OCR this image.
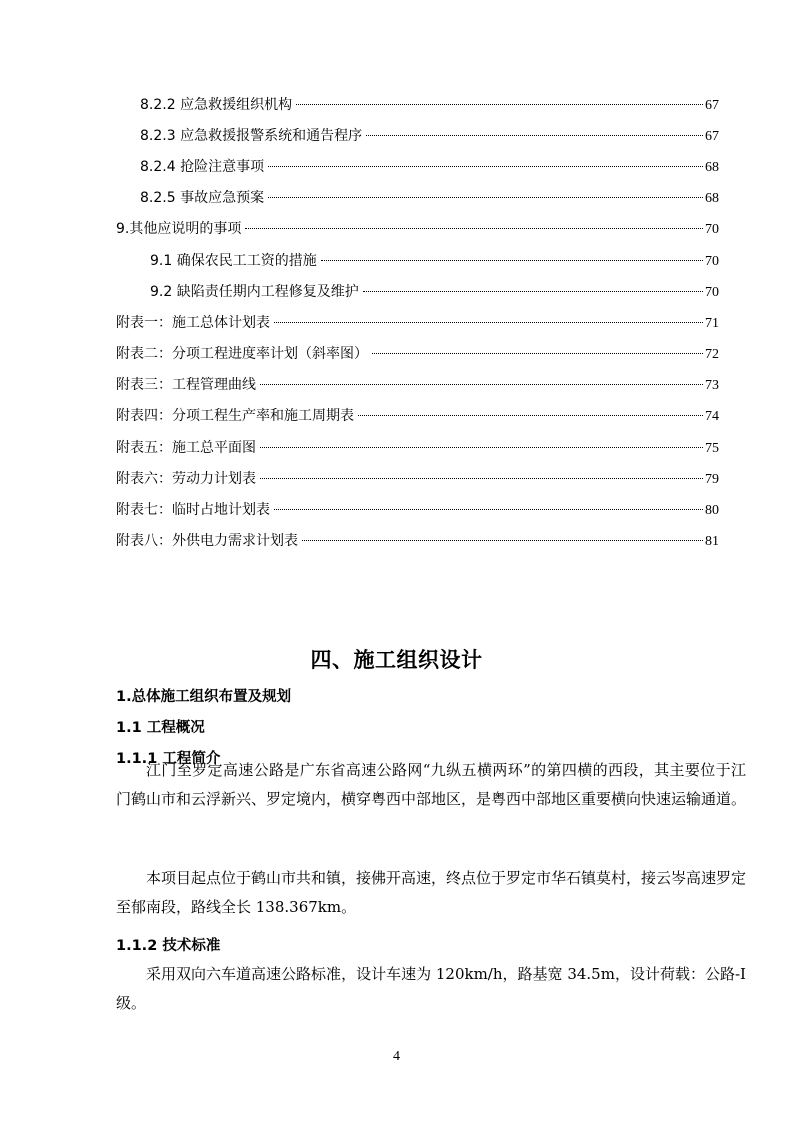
8.2.2 应急救援组织机构	67
8.2.3 应急救援报警系统和通告程序	67
8.2.4 抢险注意事项	68
8.2.5 事故应急预案	68
9.其他应说明的事项	70
9.1 确保农民工工资的措施	70
9.2 缺陷责任期内工程修复及维护	70
附表一：施工总体计划表	71
附表二：分项工程进度率计划（斜率图）	72
附表三：工程管理曲线	73
附表四：分项工程生产率和施工周期表	74
附表五：施工总平面图	75
附表六：劳动力计划表	79
附表七：临时占地计划表	80
附表八：外供电力需求计划表	81
四、施工组织设计
1.总体施工组织布置及规划
1.1 工程概况
1.1.1 工程简介

江门至罗定高速公路是广东省高速公路网“九纵五横两环”的第四横的西段，其主要位于江门鹤山市和云浮新兴、罗定境内，横穿粤西中部地区，是粤西中部地区重要横向快速运输通道。

本项目起点位于鹤山市共和镇，接佛开高速，终点位于罗定市华石镇莫村，接云岑高速罗定至郁南段，路线全长 138.367km。

1.1.2 技术标准

采用双向六车道高速公路标准，设计车速为 120km/h，路基宽 34.5m，设计荷载：公路-Ⅰ级。

4
